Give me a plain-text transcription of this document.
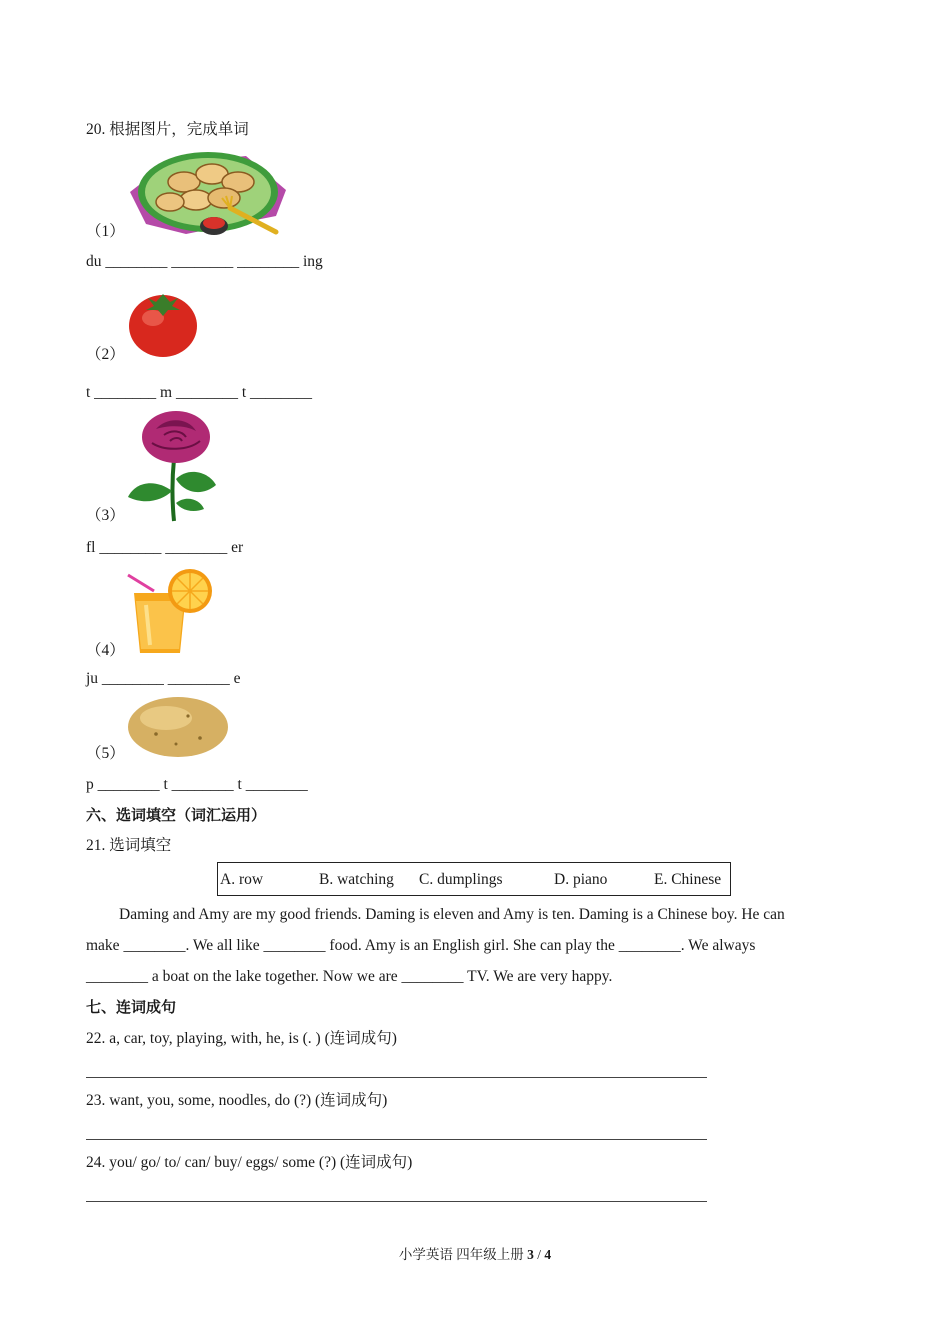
20. 根据图片，完成单词
（1）
du ________ ________ ________ ing
（2）
t ________ m ________ t ________
（3）
fl ________ ________ er
（4）
ju ________ ________ e
（5）
p ________ t ________ t ________
六、选词填空（词汇运用）
21. 选词填空
A. row	B. watching C. dumplings	D. piano	E. Chinese
Daming and Amy are my good friends. Daming is eleven and Amy is ten. Daming is a Chinese boy. He can
make ________. We all like ________ food. Amy is an English girl. She can play the ________. We always
________ a boat on the lake together. Now we are ________ TV. We are very happy.
七、连词成句
22. a, car, toy, playing, with, he, is (. ) (连词成句)
23. want, you, some, noodles, do (?) (连词成句)
24. you/ go/ to/ can/ buy/ eggs/ some (?) (连词成句)
小学英语 四年级上册 3 / 4
